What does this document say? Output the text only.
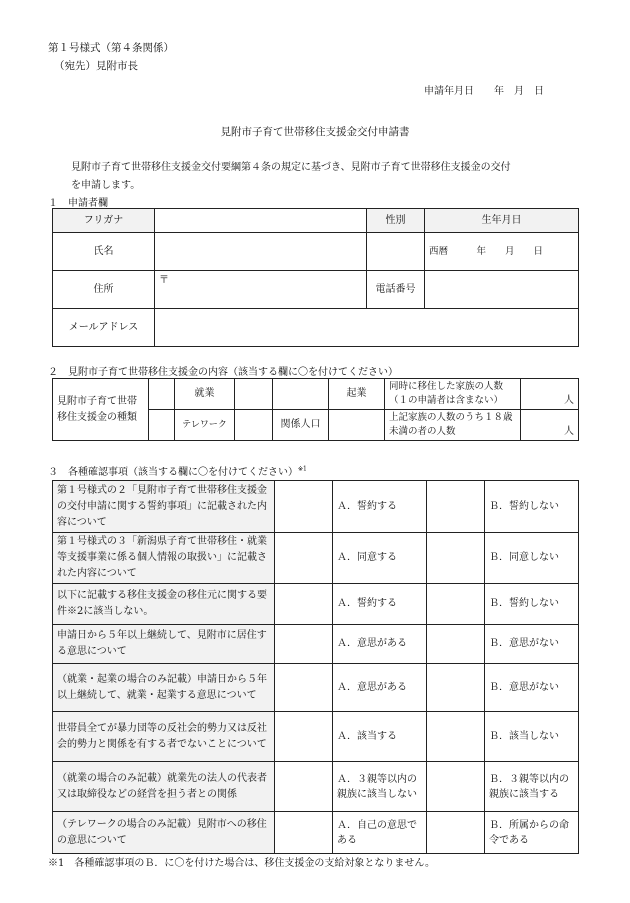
第１号様式（第４条関係）
（宛先）見附市長
申請年月日　　年　月　日
見附市子育て世帯移住支援金交付申請書
見附市子育て世帯移住支援金交付要綱第４条の規定に基づき、見附市子育て世帯移住支援金の交付
を申請します。
１　申請者欄
フリガナ		性別	生年月日
氏名			西暦　　　年　　月　　日
住所	〒	電話番号	
メールアドレス			
２　見附市子育て世帯移住支援金の内容（該当する欄に〇を付けてください）
見附市子育て世帯移住支援金の種類		就業			起業	同時に移住した家族の人数（１の申請者は含まない）	人
		テレワーク		関係人口		上記家族の人数のうち１８歳未満の者の人数	人
３　各種確認事項（該当する欄に〇を付けてください）$^{※1}$
第１号様式の２「見附市子育て世帯移住支援金の交付申請に関する誓約事項」に記載された内容について		Ａ．誓約する		Ｂ．誓約しない
第１号様式の３「新潟県子育て世帯移住・就業等支援事業に係る個人情報の取扱い」に記載された内容について		Ａ．同意する		Ｂ．同意しない
以下に記載する移住支援金の移住元に関する要件※2に該当しない。		Ａ．誓約する		Ｂ．誓約しない
申請日から５年以上継続して、見附市に居住する意思について		Ａ．意思がある		Ｂ．意思がない
（就業・起業の場合のみ記載）申請日から５年以上継続して、就業・起業する意思について		Ａ．意思がある		Ｂ．意思がない
世帯員全てが暴力団等の反社会的勢力又は反社会的勢力と関係を有する者でないことについて		Ａ．該当する		Ｂ．該当しない
（就業の場合のみ記載）就業先の法人の代表者又は取締役などの経営を担う者との関係		Ａ．３親等以内の親族に該当しない		Ｂ．３親等以内の親族に該当する
（テレワークの場合のみ記載）見附市への移住の意思について		Ａ．自己の意思である		Ｂ．所属からの命令である
※1　各種確認事項のＢ．に〇を付けた場合は、移住支援金の支給対象となりません。
